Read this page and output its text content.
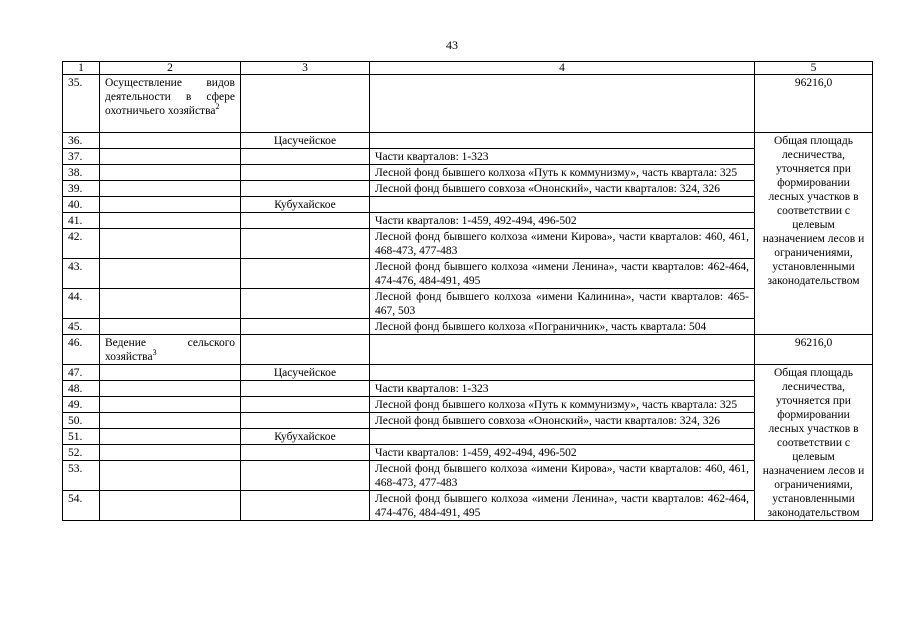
43
1	2	3	4	5
35.	Осуществление видов деятельности в сфере охотничьего хозяйства$^2$			96216,0
36.		Цасучейское		Общая площадь лесничества, уточняется при формировании лесных участков в соответствии с целевым назначением лесов и ограничениями, установленными законодательством
37.			Части кварталов: 1-323	
38.			Лесной фонд бывшего колхоза «Путь к коммунизму», часть квартала: 325	
39.			Лесной фонд бывшего совхоза «Ононский», части кварталов: 324, 326	
40.		Кубухайское		
41.			Части кварталов: 1-459, 492-494, 496-502	
42.			Лесной фонд бывшего колхоза «имени Кирова», части кварталов: 460, 461, 468-473, 477-483	
43.			Лесной фонд бывшего колхоза «имени Ленина», части кварталов: 462-464, 474-476, 484-491, 495	
44.			Лесной фонд бывшего колхоза «имени Калинина», части кварталов: 465-467, 503	
45.			Лесной фонд бывшего колхоза «Пограничник», часть квартала: 504	
46.	Ведение сельского хозяйства$^3$			96216,0
47.		Цасучейское		Общая площадь лесничества, уточняется при формировании лесных участков в соответствии с целевым назначением лесов и ограничениями, установленными законодательством
48.			Части кварталов: 1-323	
49.			Лесной фонд бывшего колхоза «Путь к коммунизму», часть квартала: 325	
50.			Лесной фонд бывшего совхоза «Ононский», части кварталов: 324, 326	
51.		Кубухайское		
52.			Части кварталов: 1-459, 492-494, 496-502	
53.			Лесной фонд бывшего колхоза «имени Кирова», части кварталов: 460, 461, 468-473, 477-483	
54.			Лесной фонд бывшего колхоза «имени Ленина», части кварталов: 462-464, 474-476, 484-491, 495	
